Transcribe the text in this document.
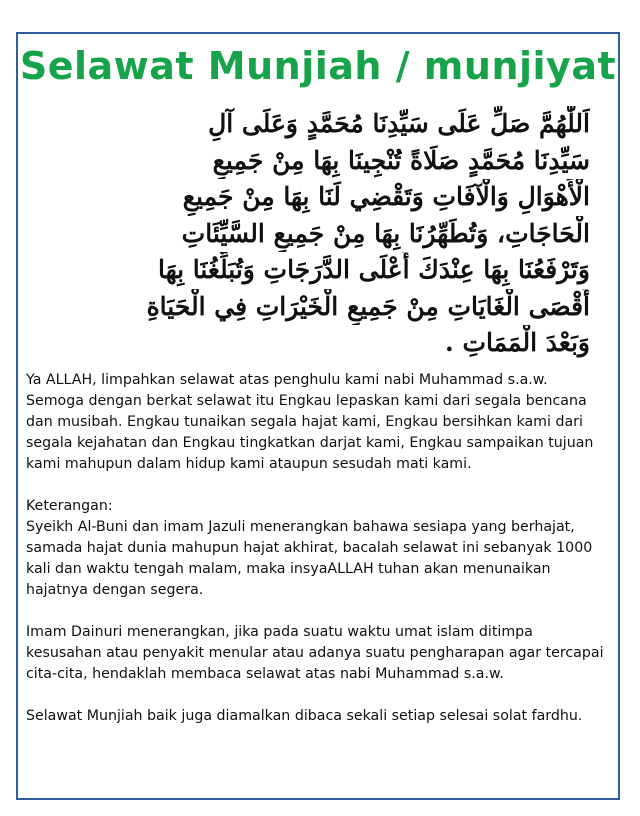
Selawat Munjiah / munjiyat
اَللّٰهُمَّ صَلِّ عَلَى سَيِّدِنَا مُحَمَّدٍ وَعَلَى آلِ
سَيِّدِنَا مُحَمَّدٍ صَلَاةً تُنْجِينَا بِهَا مِنْ جَمِيعِ
الْأَهْوَالِ وَالْآفَاتِ وَتَقْضِي لَنَا بِهَا مِنْ جَمِيعِ
الْحَاجَاتِ، وَتُطَهِّرُنَا بِهَا مِنْ جَمِيعِ السَّيِّئَاتِ
وَتَرْفَعُنَا بِهَا عِنْدَكَ أَعْلَى الدَّرَجَاتِ وَتُبَلِّغُنَا بِهَا
أَقْصَى الْغَايَاتِ مِنْ جَمِيعِ الْخَيْرَاتِ فِي الْحَيَاةِ
وَبَعْدَ الْمَمَاتِ .

Ya ALLAH, limpahkan selawat atas penghulu kami nabi Muhammad s.a.w. Semoga dengan berkat selawat itu Engkau lepaskan kami dari segala bencana dan musibah. Engkau tunaikan segala hajat kami, Engkau bersihkan kami dari segala kejahatan dan Engkau tingkatkan darjat kami, Engkau sampaikan tujuan kami mahupun dalam hidup kami ataupun sesudah mati kami.

Keterangan:

Syeikh Al-Buni dan imam Jazuli menerangkan bahawa sesiapa yang berhajat, samada hajat dunia mahupun hajat akhirat, bacalah selawat ini sebanyak 1000 kali dan waktu tengah malam, maka insyaALLAH tuhan akan menunaikan hajatnya dengan segera.

Imam Dainuri menerangkan, jika pada suatu waktu umat islam ditimpa kesusahan atau penyakit menular atau adanya suatu pengharapan agar tercapai cita-cita, hendaklah membaca selawat atas nabi Muhammad s.a.w.

Selawat Munjiah baik juga diamalkan dibaca sekali setiap selesai solat fardhu.
